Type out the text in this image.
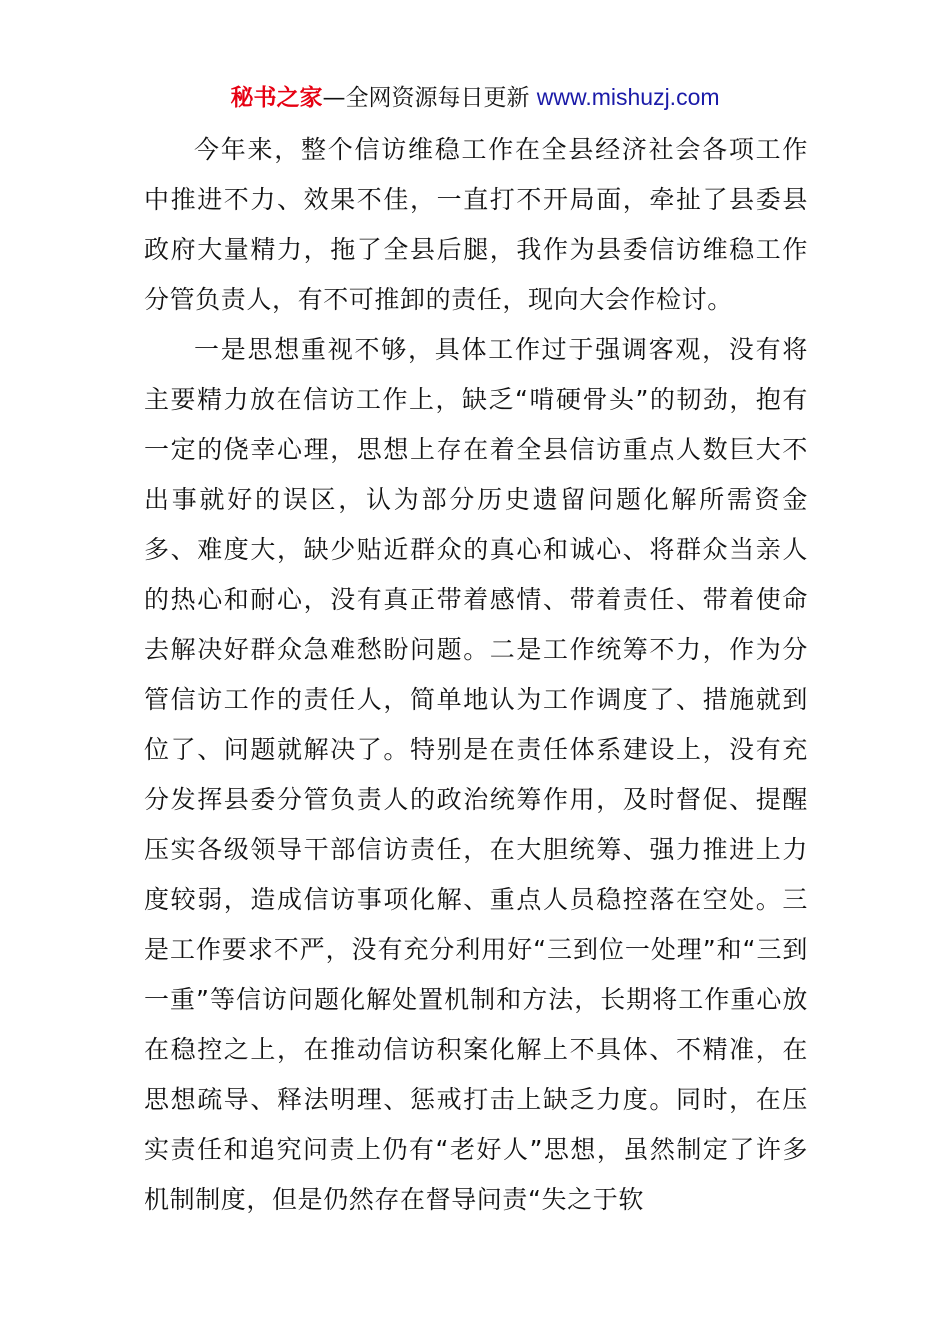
秘书之家—全网资源每日更新 www.mishuzj.com

今年来，整个信访维稳工作在全县经济社会各项工作中推进不力、效果不佳，一直打不开局面，牵扯了县委县政府大量精力，拖了全县后腿，我作为县委信访维稳工作分管负责人，有不可推卸的责任，现向大会作检讨。

一是思想重视不够，具体工作过于强调客观，没有将主要精力放在信访工作上，缺乏“啃硬骨头”的韧劲，抱有一定的侥幸心理，思想上存在着全县信访重点人数巨大不出事就好的误区，认为部分历史遗留问题化解所需资金多、难度大，缺少贴近群众的真心和诚心、将群众当亲人的热心和耐心，没有真正带着感情、带着责任、带着使命去解决好群众急难愁盼问题。二是工作统筹不力，作为分管信访工作的责任人，简单地认为工作调度了、措施就到位了、问题就解决了。特别是在责任体系建设上，没有充分发挥县委分管负责人的政治统筹作用，及时督促、提醒压实各级领导干部信访责任，在大胆统筹、强力推进上力度较弱，造成信访事项化解、重点人员稳控落在空处。三是工作要求不严，没有充分利用好“三到位一处理”和“三到一重”等信访问题化解处置机制和方法，长期将工作重心放在稳控之上，在推动信访积案化解上不具体、不精准，在思想疏导、释法明理、惩戒打击上缺乏力度。同时，在压实责任和追究问责上仍有“老好人”思想，虽然制定了许多机制制度，但是仍然存在督导问责“失之于软
